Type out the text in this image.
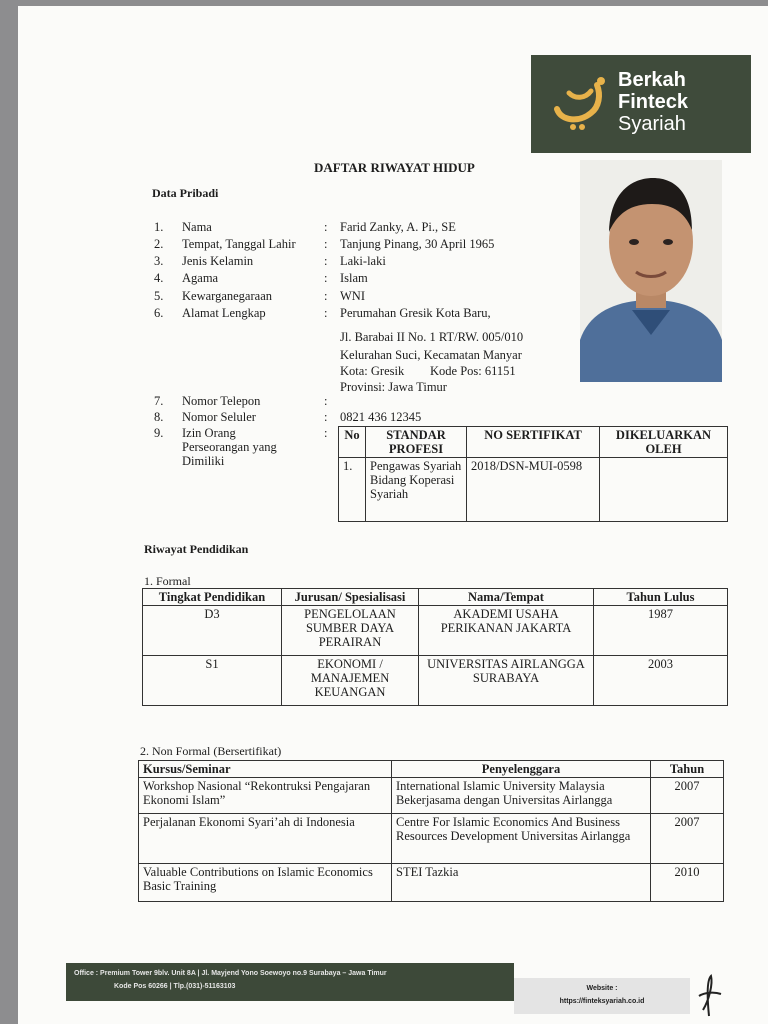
Berkah
Finteck
Syariah
DAFTAR RIWAYAT HIDUP
Data Pribadi
1.	Nama	: Farid Zanky, A. Pi., SE
2.	Tempat, Tanggal Lahir	: Tanjung Pinang, 30 April 1965
3.	Jenis Kelamin	: Laki-laki
4.	Agama	: Islam
5.	Kewarganegaraan	: WNI
6.	Alamat Lengkap	: Perumahan Gresik Kota Baru,
Jl. Barabai II No. 1 RT/RW. 005/010
Kelurahan Suci, Kecamatan Manyar
Kota: Gresik Kode Pos: 61151
Provinsi: Jawa Timur
7.	Nomor Telepon	:
8.	Nomor Seluler	: 0821 436 12345
9.	Izin Orang Perseorangan yang Dimiliki
: No	STANDAR PROFESI	NO SERTIFIKAT	DIKELUARKAN OLEH
1.	Pengawas Syariah Bidang Koperasi Syariah	2018/DSN-MUI-0598	
Riwayat Pendidikan
1. Formal
Tingkat Pendidikan	Jurusan/ Spesialisasi	Nama/Tempat	Tahun Lulus
D3	PENGELOLAAN SUMBER DAYA PERAIRAN	AKADEMI USAHA PERIKANAN JAKARTA	1987
S1	EKONOMI / MANAJEMEN KEUANGAN	UNIVERSITAS AIRLANGGA SURABAYA	2003
2. Non Formal (Bersertifikat)
Kursus/Seminar	Penyelenggara	Tahun
Workshop Nasional “Rekontruksi Pengajaran Ekonomi Islam”	International Islamic University Malaysia Bekerjasama dengan Universitas Airlangga	2007
Perjalanan Ekonomi Syari’ah di Indonesia	Centre For Islamic Economics And Business Resources Development Universitas Airlangga	2007
Valuable Contributions on Islamic Economics Basic Training	STEI Tazkia	2010
Office : Premium Tower 9blv. Unit 8A | Jl. Mayjend Yono Soewoyo no.9 Surabaya – Jawa Timur
Kode Pos 60266 | Tlp.(031)-51163103	Website :
https://finteksyariah.co.id
